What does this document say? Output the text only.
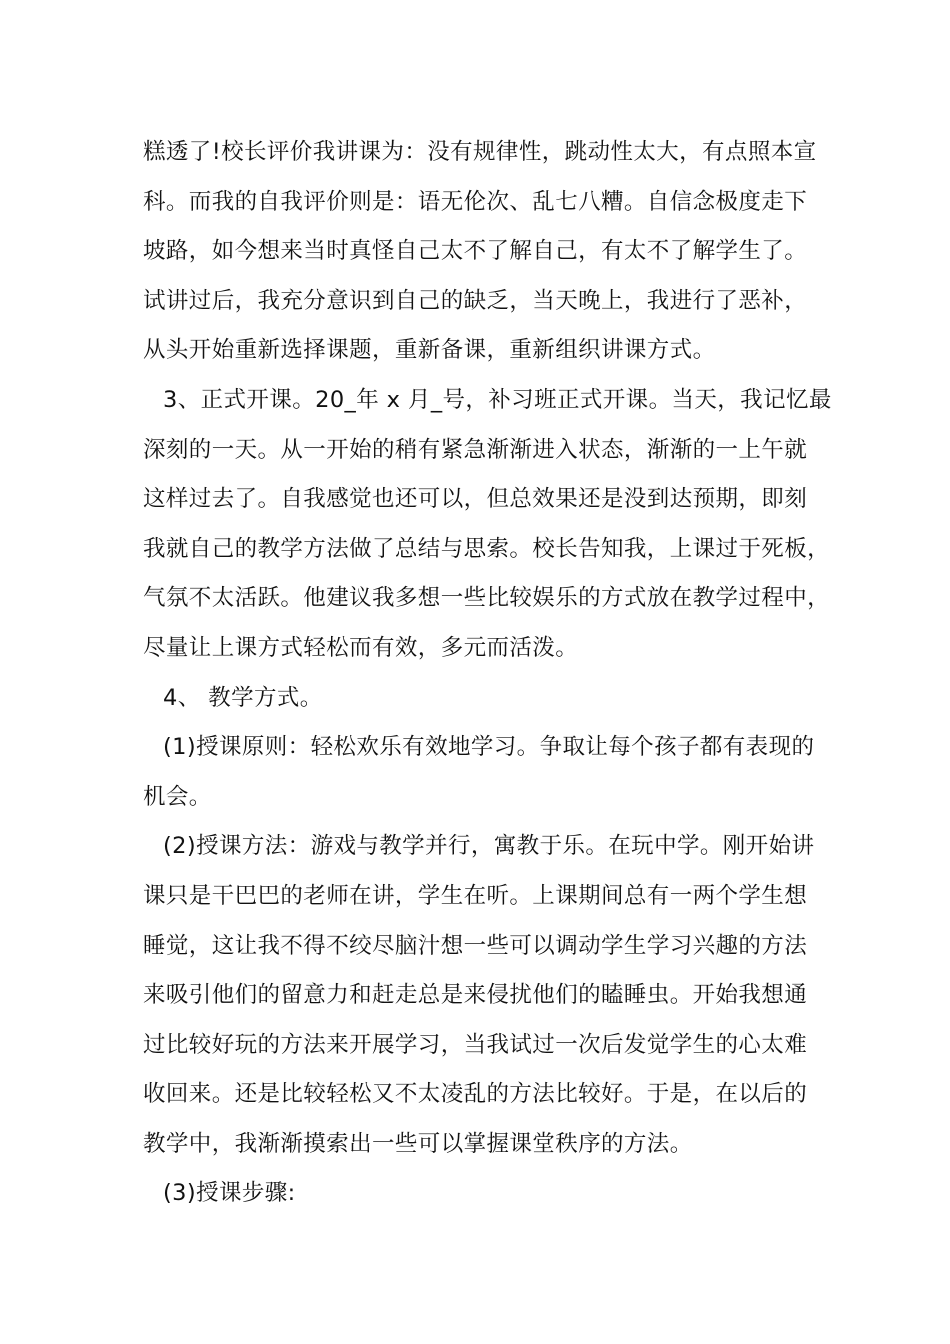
糕透了!校长评价我讲课为：没有规律性，跳动性太大，有点照本宣
科。而我的自我评价则是：语无伦次、乱七八糟。自信念极度走下
坡路，如今想来当时真怪自己太不了解自己，有太不了解学生了。
试讲过后，我充分意识到自己的缺乏，当天晚上，我进行了恶补，
从头开始重新选择课题，重新备课，重新组织讲课方式。
3、正式开课。20_年 x 月_号，补习班正式开课。当天，我记忆最
深刻的一天。从一开始的稍有紧急渐渐进入状态，渐渐的一上午就
这样过去了。自我感觉也还可以，但总效果还是没到达预期，即刻
我就自己的教学方法做了总结与思索。校长告知我，上课过于死板，
气氛不太活跃。他建议我多想一些比较娱乐的方式放在教学过程中，
尽量让上课方式轻松而有效，多元而活泼。
4、 教学方式。
(1)授课原则：轻松欢乐有效地学习。争取让每个孩子都有表现的
机会。
(2)授课方法：游戏与教学并行，寓教于乐。在玩中学。刚开始讲
课只是干巴巴的老师在讲，学生在听。上课期间总有一两个学生想
睡觉，这让我不得不绞尽脑汁想一些可以调动学生学习兴趣的方法
来吸引他们的留意力和赶走总是来侵扰他们的瞌睡虫。开始我想通
过比较好玩的方法来开展学习，当我试过一次后发觉学生的心太难
收回来。还是比较轻松又不太凌乱的方法比较好。于是，在以后的
教学中，我渐渐摸索出一些可以掌握课堂秩序的方法。
(3)授课步骤:
